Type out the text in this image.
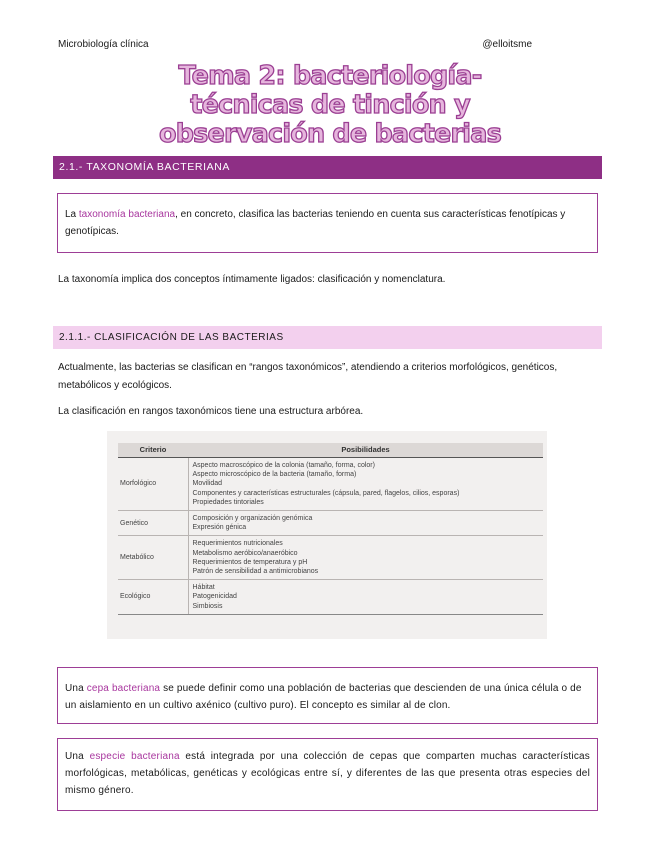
Microbiología clínica	@elloitsme
Tema 2: bacteriología-
técnicas de tinción y
observación de bacterias
2.1.- TAXONOMÍA BACTERIANA
La taxonomía bacteriana, en concreto, clasifica las bacterias teniendo en cuenta sus características fenotípicas y genotípicas.
La taxonomía implica dos conceptos íntimamente ligados: clasificación y nomenclatura.
2.1.1.- CLASIFICACIÓN DE LAS BACTERIAS
Actualmente, las bacterias se clasifican en “rangos taxonómicos”, atendiendo a criterios morfológicos, genéticos, metabólicos y ecológicos.
La clasificación en rangos taxonómicos tiene una estructura arbórea.
Criterio	Posibilidades
Morfológico	Aspecto macroscópico de la colonia (tamaño, forma, color)
Aspecto microscópico de la bacteria (tamaño, forma)
Movilidad
Componentes y características estructurales (cápsula, pared, flagelos, cilios, esporas)
Propiedades tintoriales

Genético	Composición y organización genómica
Expresión génica

Metabólico	Requerimientos nutricionales
Metabolismo aeróbico/anaeróbico
Requerimientos de temperatura y pH
Patrón de sensibilidad a antimicrobianos

Ecológico	Hábitat
Patogenicidad
Simbiosis
Una cepa bacteriana se puede definir como una población de bacterias que descienden de una única célula o de un aislamiento en un cultivo axénico (cultivo puro). El concepto es similar al de clon.
Una especie bacteriana está integrada por una colección de cepas que comparten muchas características morfológicas, metabólicas, genéticas y ecológicas entre sí, y diferentes de las que presenta otras especies del mismo género.
